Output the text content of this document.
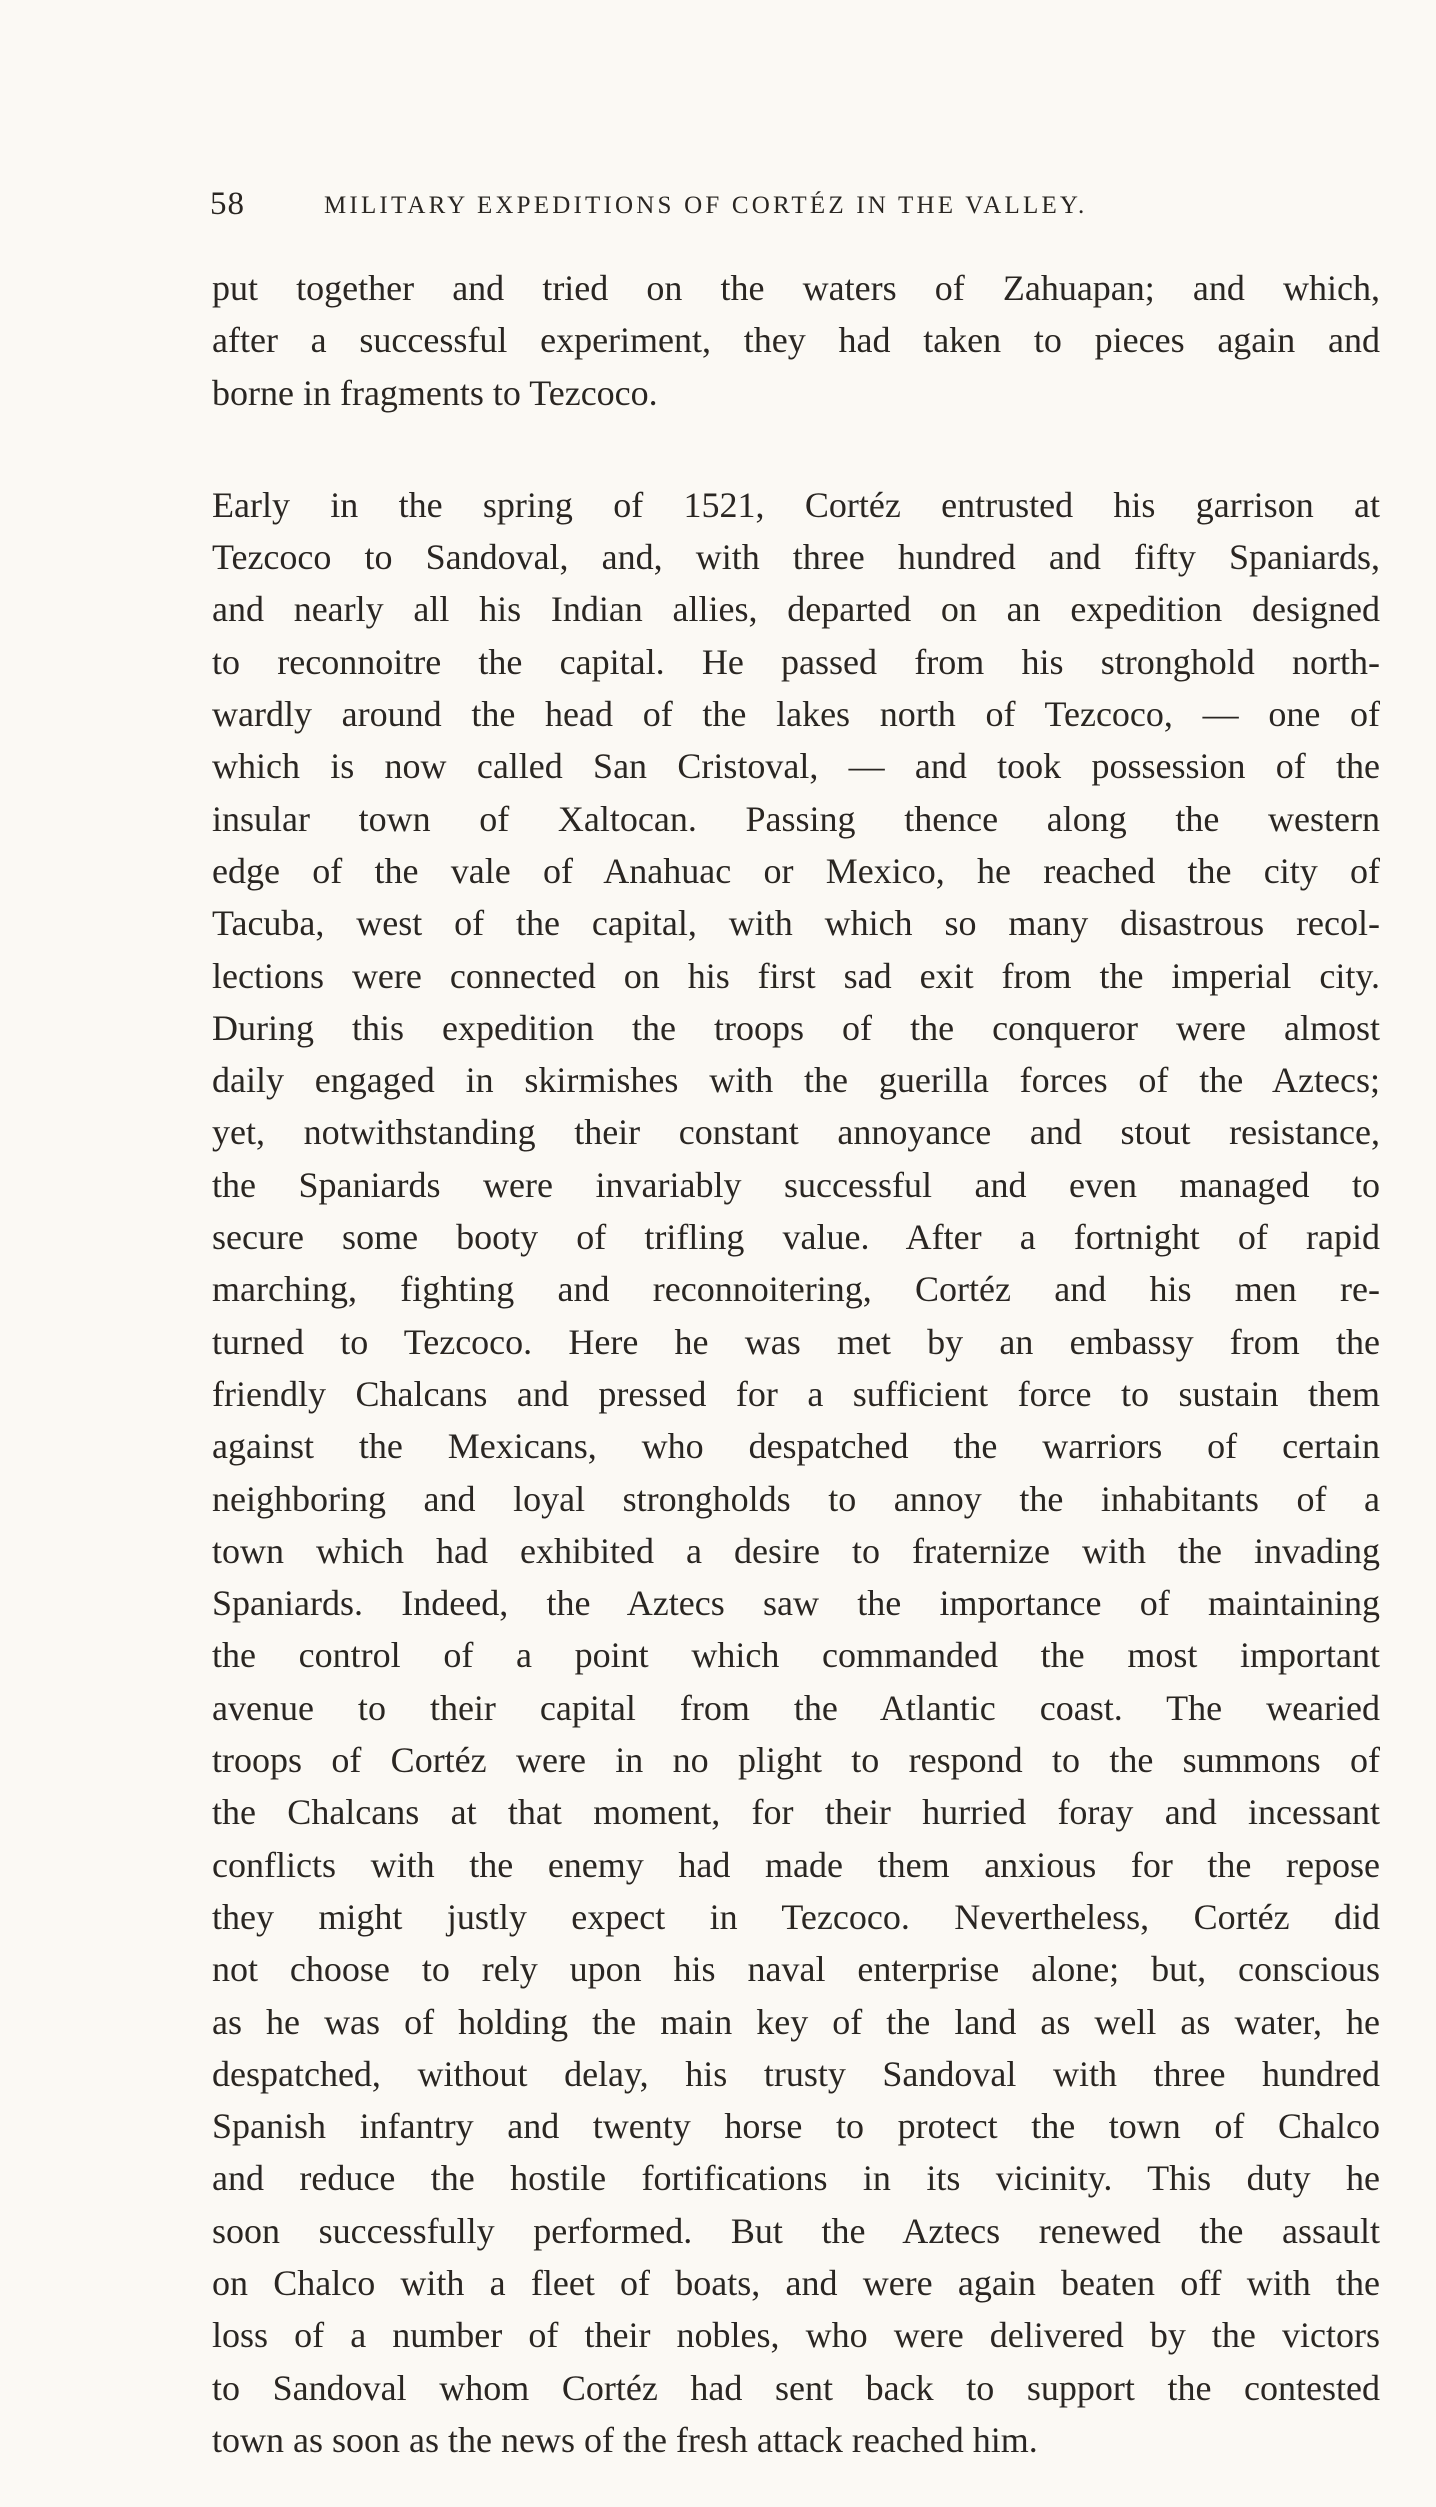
58	MILITARY EXPEDITIONS OF CORTÉZ IN THE VALLEY.
put together and tried on the waters of Zahuapan; and which,
after a successful experiment, they had taken to pieces again and
borne in fragments to Tezcoco.
Early in the spring of 1521, Cortéz entrusted his garrison at
Tezcoco to Sandoval, and, with three hundred and fifty Spaniards,
and nearly all his Indian allies, departed on an expedition designed
to reconnoitre the capital. He passed from his stronghold north-
wardly around the head of the lakes north of Tezcoco, — one of
which is now called San Cristoval, — and took possession of the
insular town of Xaltocan. Passing thence along the western
edge of the vale of Anahuac or Mexico, he reached the city of
Tacuba, west of the capital, with which so many disastrous recol-
lections were connected on his first sad exit from the imperial city.
During this expedition the troops of the conqueror were almost
daily engaged in skirmishes with the guerilla forces of the Aztecs;
yet, notwithstanding their constant annoyance and stout resistance,
the Spaniards were invariably successful and even managed to
secure some booty of trifling value. After a fortnight of rapid
marching, fighting and reconnoitering, Cortéz and his men re-
turned to Tezcoco. Here he was met by an embassy from the
friendly Chalcans and pressed for a sufficient force to sustain them
against the Mexicans, who despatched the warriors of certain
neighboring and loyal strongholds to annoy the inhabitants of a
town which had exhibited a desire to fraternize with the invading
Spaniards. Indeed, the Aztecs saw the importance of maintaining
the control of a point which commanded the most important
avenue to their capital from the Atlantic coast. The wearied
troops of Cortéz were in no plight to respond to the summons of
the Chalcans at that moment, for their hurried foray and incessant
conflicts with the enemy had made them anxious for the repose
they might justly expect in Tezcoco. Nevertheless, Cortéz did
not choose to rely upon his naval enterprise alone; but, conscious
as he was of holding the main key of the land as well as water, he
despatched, without delay, his trusty Sandoval with three hundred
Spanish infantry and twenty horse to protect the town of Chalco
and reduce the hostile fortifications in its vicinity. This duty he
soon successfully performed. But the Aztecs renewed the assault
on Chalco with a fleet of boats, and were again beaten off with the
loss of a number of their nobles, who were delivered by the victors
to Sandoval whom Cortéz had sent back to support the contested
town as soon as the news of the fresh attack reached him.
